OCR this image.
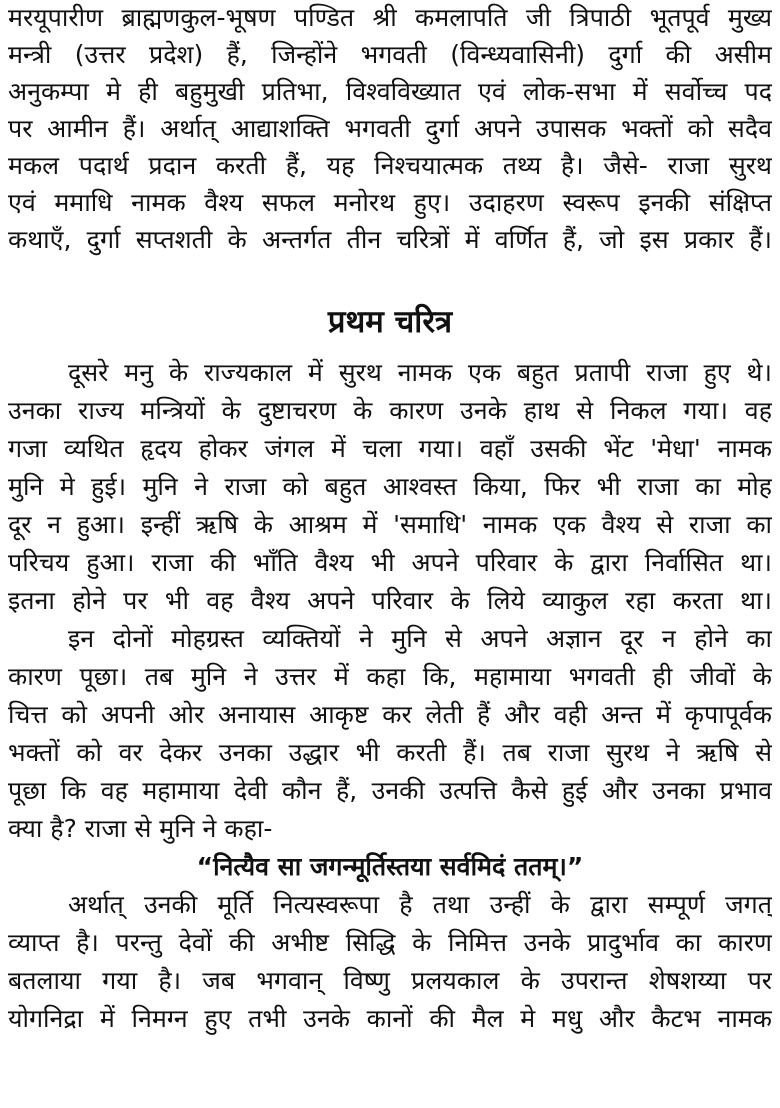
मरयूपारीण ब्राह्मणकुल-भूषण पण्डित श्री कमलापति जी त्रिपाठी भूतपूर्व मुख्य
मन्त्री (उत्तर प्रदेश) हैं, जिन्होंने भगवती (विन्ध्यवासिनी) दुर्गा की असीम
अनुकम्पा मे ही बहुमुखी प्रतिभा, विश्वविख्यात एवं लोक-सभा में सर्वोच्च पद
पर आमीन हैं। अर्थात् आद्याशक्ति भगवती दुर्गा अपने उपासक भक्तों को सदैव
मकल पदार्थ प्रदान करती हैं, यह निश्चयात्मक तथ्य है। जैसे- राजा सुरथ
एवं ममाधि नामक वैश्य सफल मनोरथ हुए। उदाहरण स्वरूप इनकी संक्षिप्त
कथाएँ, दुर्गा सप्तशती के अन्तर्गत तीन चरित्रों में वर्णित हैं, जो इस प्रकार हैं।
प्रथम चरित्र
दूसरे मनु के राज्यकाल में सुरथ नामक एक बहुत प्रतापी राजा हुए थे।
उनका राज्य मन्त्रियों के दुष्टाचरण के कारण उनके हाथ से निकल गया। वह
गजा व्यथित हृदय होकर जंगल में चला गया। वहाँ उसकी भेंट 'मेधा' नामक
मुनि मे हुई। मुनि ने राजा को बहुत आश्वस्त किया, फिर भी राजा का मोह
दूर न हुआ। इन्हीं ऋषि के आश्रम में 'समाधि' नामक एक वैश्य से राजा का
परिचय हुआ। राजा की भाँति वैश्य भी अपने परिवार के द्वारा निर्वासित था।
इतना होने पर भी वह वैश्य अपने परिवार के लिये व्याकुल रहा करता था।
इन दोनों मोहग्रस्त व्यक्तियों ने मुनि से अपने अज्ञान दूर न होने का
कारण पूछा। तब मुनि ने उत्तर में कहा कि, महामाया भगवती ही जीवों के
चित्त को अपनी ओर अनायास आकृष्ट कर लेती हैं और वही अन्त में कृपापूर्वक
भक्तों को वर देकर उनका उद्धार भी करती हैं। तब राजा सुरथ ने ऋषि से
पूछा कि वह महामाया देवी कौन हैं, उनकी उत्पत्ति कैसे हुई और उनका प्रभाव
क्या है? राजा से मुनि ने कहा-
“नित्यैव सा जगन्मूर्तिस्तया सर्वमिदं ततम्।”
अर्थात् उनकी मूर्ति नित्यस्वरूपा है तथा उन्हीं के द्वारा सम्पूर्ण जगत्
व्याप्त है। परन्तु देवों की अभीष्ट सिद्धि के निमित्त उनके प्रादुर्भाव का कारण
बतलाया गया है। जब भगवान् विष्णु प्रलयकाल के उपरान्त शेषशय्या पर
योगनिद्रा में निमग्न हुए तभी उनके कानों की मैल मे मधु और कैटभ नामक
